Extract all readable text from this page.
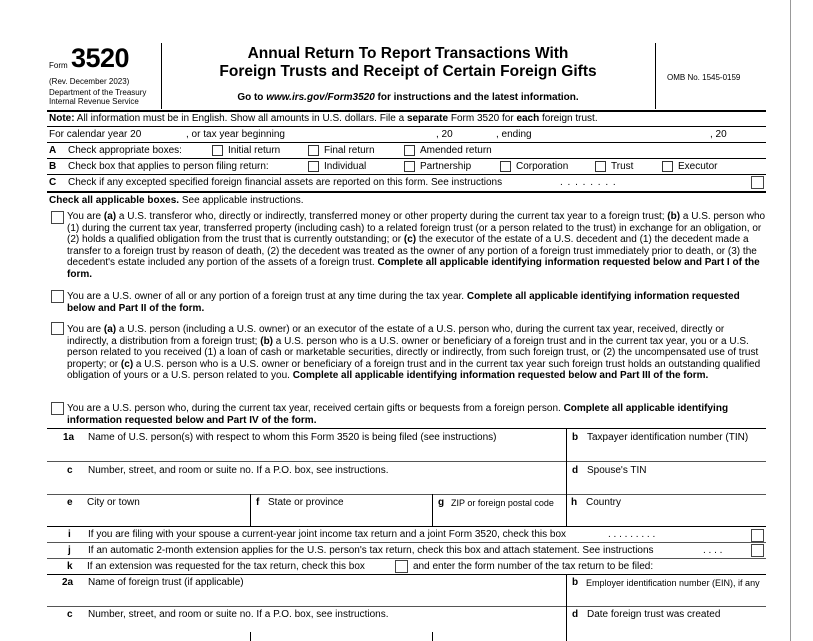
Form 3520
(Rev. December 2023)
Department of the Treasury
Internal Revenue Service
Annual Return To Report Transactions With
Foreign Trusts and Receipt of Certain Foreign Gifts
Go to www.irs.gov/Form3520 for instructions and the latest information.
OMB No. 1545-0159
Note: All information must be in English. Show all amounts in U.S. dollars. File a separate Form 3520 for each foreign trust.
For calendar year 20	, or tax year beginning	, 20	, ending	, 20
A Check appropriate boxes:	Initial return	Final return	Amended return
B Check box that applies to person filing return:	Individual	Partnership	Corporation	Trust	Executor
C Check if any excepted specified foreign financial assets are reported on this form. See instructions	. . . . . . . .
Check all applicable boxes. See applicable instructions.
You are (a) a U.S. transferor who, directly or indirectly, transferred money or other property during the current tax year to a foreign trust; (b) a U.S. person who (1) during the current tax year, transferred property (including cash) to a related foreign trust (or a person related to the trust) in exchange for an obligation, or (2) holds a qualified obligation from the trust that is currently outstanding; or (c) the executor of the estate of a U.S. decedent and (1) the decedent made a transfer to a foreign trust by reason of death, (2) the decedent was treated as the owner of any portion of a foreign trust immediately prior to death, or (3) the decedent's estate included any portion of the assets of a foreign trust. Complete all applicable identifying information requested below and Part I of the form.
You are a U.S. owner of all or any portion of a foreign trust at any time during the tax year. Complete all applicable identifying information requested below and Part II of the form.
You are (a) a U.S. person (including a U.S. owner) or an executor of the estate of a U.S. person who, during the current tax year, received, directly or indirectly, a distribution from a foreign trust; (b) a U.S. person who is a U.S. owner or beneficiary of a foreign trust and in the current tax year, you or a U.S. person related to you received (1) a loan of cash or marketable securities, directly or indirectly, from such foreign trust, or (2) the uncompensated use of trust property; or (c) a U.S. person who is a U.S. owner or beneficiary of a foreign trust and in the current tax year such foreign trust holds an outstanding qualified obligation of yours or a U.S. person related to you. Complete all applicable identifying information requested below and Part III of the form.
You are a U.S. person who, during the current tax year, received certain gifts or bequests from a foreign person. Complete all applicable identifying information requested below and Part IV of the form.
1a Name of U.S. person(s) with respect to whom this Form 3520 is being filed (see instructions)	b Taxpayer identification number (TIN)
c Number, street, and room or suite no. If a P.O. box, see instructions.	d Spouse's TIN
e City or town	f State or province	g ZIP or foreign postal code h Country
i If you are filing with your spouse a current-year joint income tax return and a joint Form 3520, check this box	. . . . . . . . .
j If an automatic 2-month extension applies for the U.S. person's tax return, check this box and attach statement. See instructions	. . . .
k If an extension was requested for the tax return, check this box	and enter the form number of the tax return to be filed:
2a Name of foreign trust (if applicable)	b Employer identification number (EIN), if any
c Number, street, and room or suite no. If a P.O. box, see instructions.	d Date foreign trust was created
